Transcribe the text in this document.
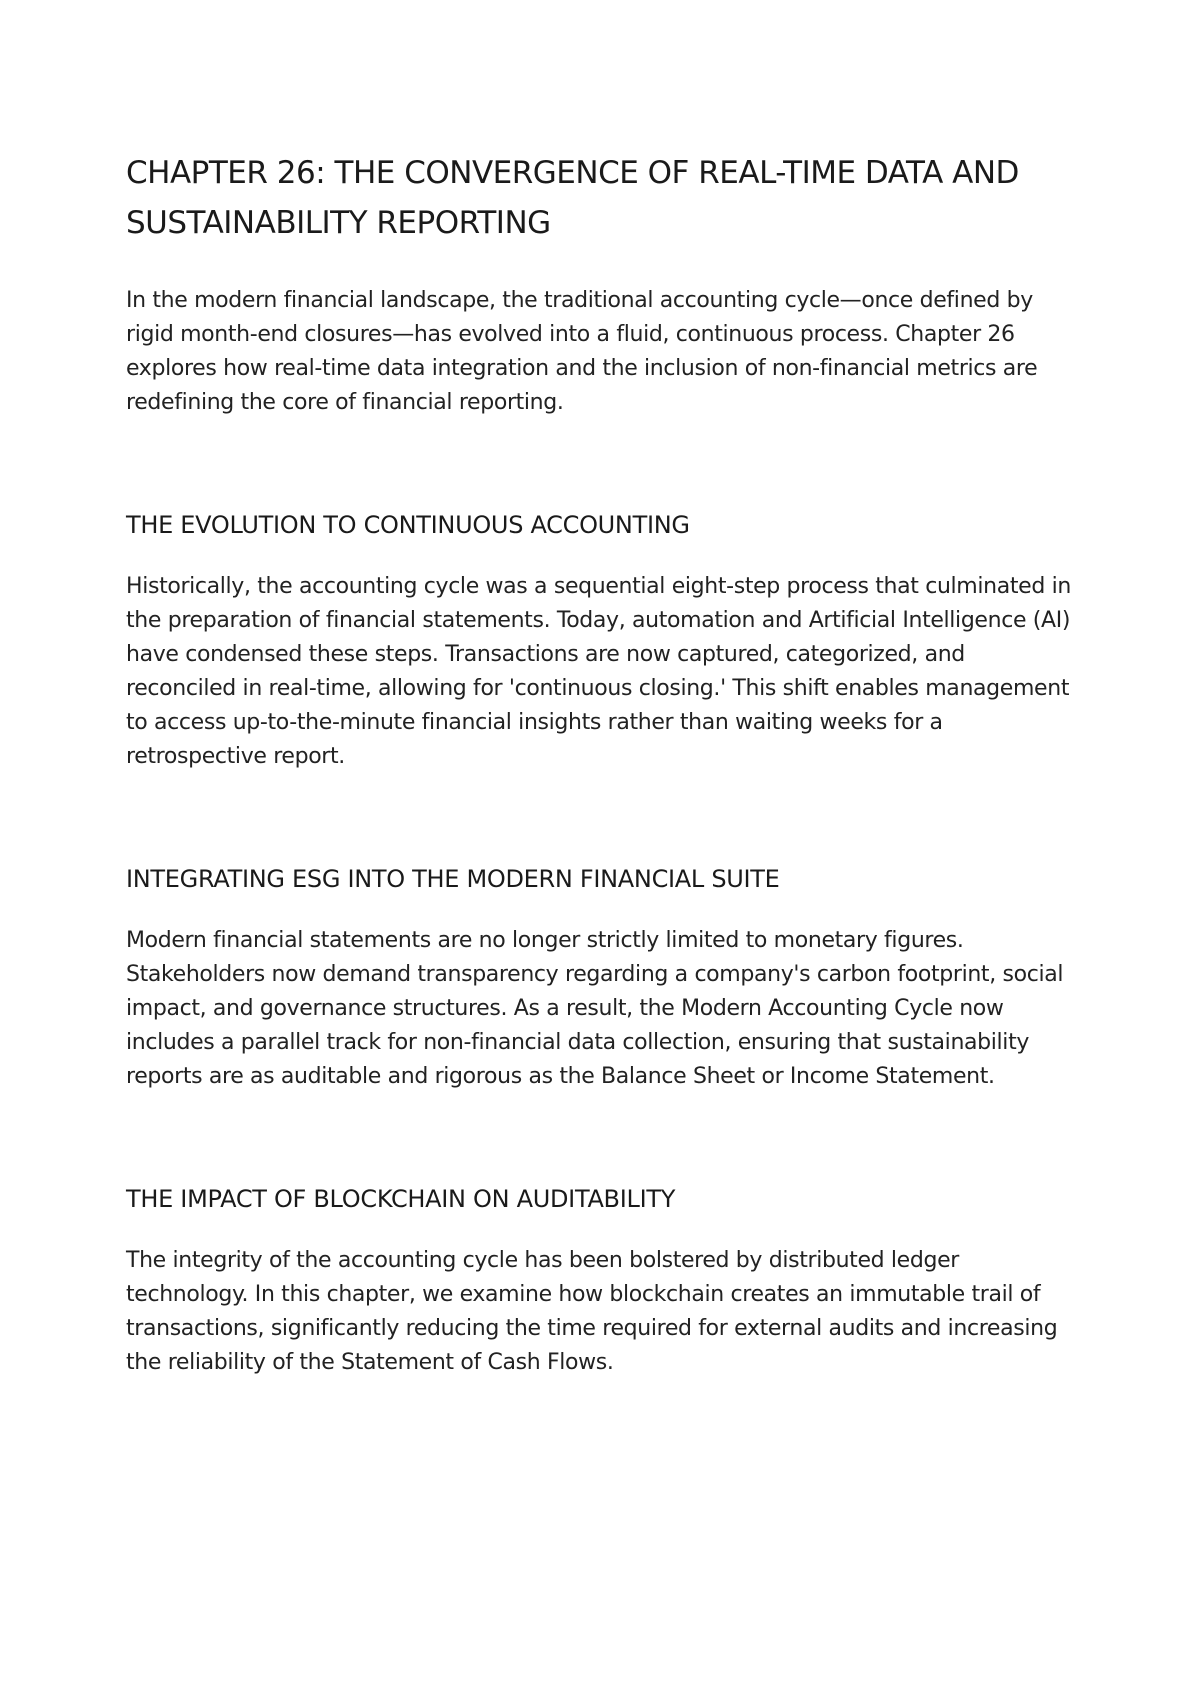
CHAPTER 26: THE CONVERGENCE OF REAL-TIME DATA AND SUSTAINABILITY REPORTING

In the modern financial landscape, the traditional accounting cycle—once defined by rigid month-end closures—has evolved into a fluid, continuous process. Chapter 26 explores how real-time data integration and the inclusion of non-financial metrics are redefining the core of financial reporting.

THE EVOLUTION TO CONTINUOUS ACCOUNTING

Historically, the accounting cycle was a sequential eight-step process that culminated in the preparation of financial statements. Today, automation and Artificial Intelligence (AI) have condensed these steps. Transactions are now captured, categorized, and reconciled in real-time, allowing for 'continuous closing.' This shift enables management to access up-to-the-minute financial insights rather than waiting weeks for a retrospective report.

INTEGRATING ESG INTO THE MODERN FINANCIAL SUITE

Modern financial statements are no longer strictly limited to monetary figures. Stakeholders now demand transparency regarding a company's carbon footprint, social impact, and governance structures. As a result, the Modern Accounting Cycle now includes a parallel track for non-financial data collection, ensuring that sustainability reports are as auditable and rigorous as the Balance Sheet or Income Statement.

THE IMPACT OF BLOCKCHAIN ON AUDITABILITY

The integrity of the accounting cycle has been bolstered by distributed ledger technology. In this chapter, we examine how blockchain creates an immutable trail of transactions, significantly reducing the time required for external audits and increasing the reliability of the Statement of Cash Flows.
